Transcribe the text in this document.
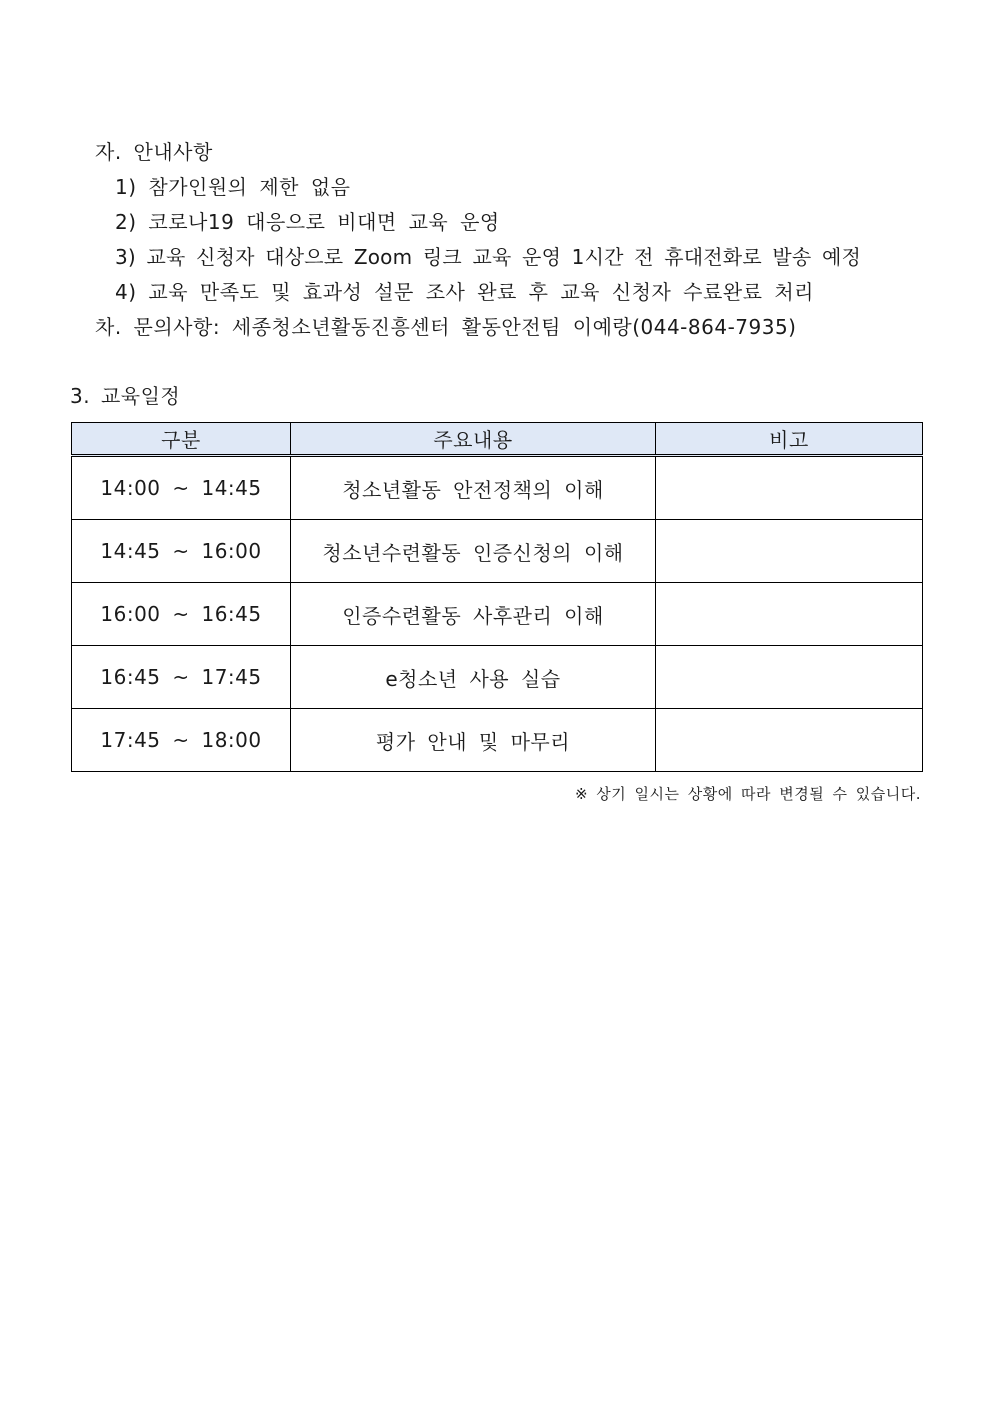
자. 안내사항
1) 참가인원의 제한 없음
2) 코로나19 대응으로 비대면 교육 운영
3) 교육 신청자 대상으로 Zoom 링크 교육 운영 1시간 전 휴대전화로 발송 예정
4) 교육 만족도 및 효과성 설문 조사 완료 후 교육 신청자 수료완료 처리
차. 문의사항: 세종청소년활동진흥센터 활동안전팀 이예랑(044-864-7935)
3. 교육일정
구분	주요내용	비고
14:00 ~ 14:45	청소년활동 안전정책의 이해	
14:45 ~ 16:00	청소년수련활동 인증신청의 이해	
16:00 ~ 16:45	인증수련활동 사후관리 이해	
16:45 ~ 17:45	e청소년 사용 실습	
17:45 ~ 18:00	평가 안내 및 마무리	
※ 상기 일시는 상황에 따라 변경될 수 있습니다.
